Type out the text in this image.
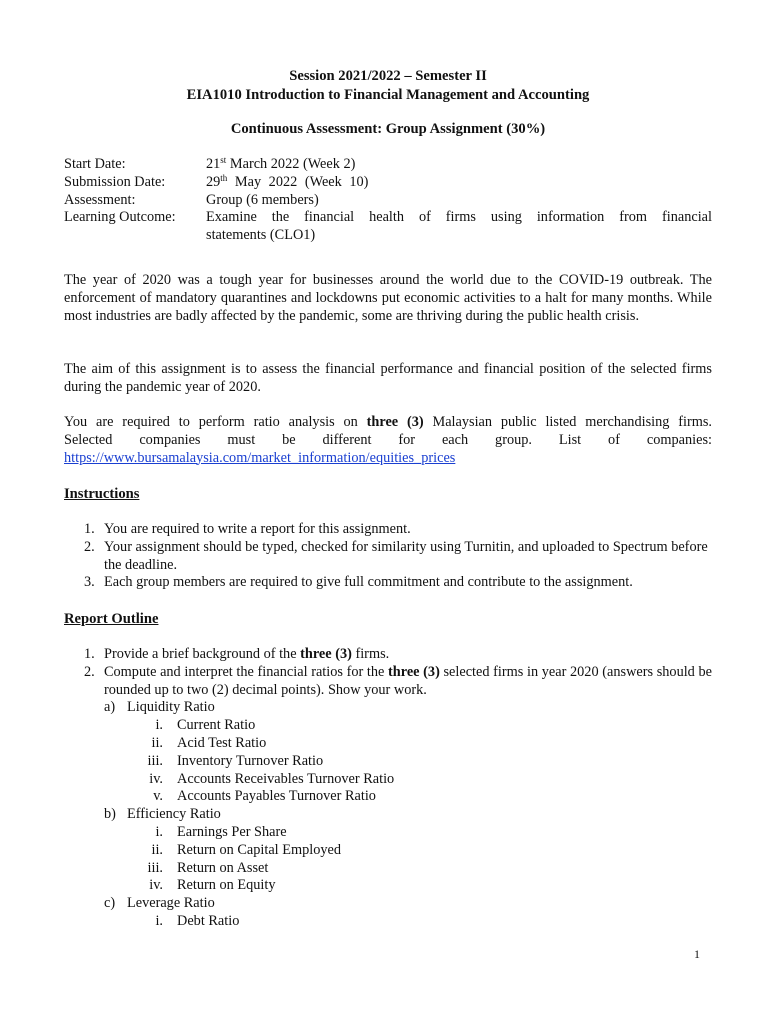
Session 2021/2022 – Semester II
EIA1010 Introduction to Financial Management and Accounting
Continuous Assessment: Group Assignment (30%)
Start Date:	21st March 2022 (Week 2)
Submission Date:	29th May 2022 (Week 10)
Assessment:	Group (6 members)
Learning Outcome:	Examine the financial health of firms using information from financial
statements (CLO1)

The year of 2020 was a tough year for businesses around the world due to the COVID-19 outbreak. The enforcement of mandatory quarantines and lockdowns put economic activities to a halt for many months. While most industries are badly affected by the pandemic, some are thriving during the public health crisis.

The aim of this assignment is to assess the financial performance and financial position of the selected firms during the pandemic year of 2020.

You are required to perform ratio analysis on three (3) Malaysian public listed merchandising firms.
Selected companies must be different for each group. List of companies:
https://www.bursamalaysia.com/market_information/equities_prices
Instructions
1. You are required to write a report for this assignment.
2. Your assignment should be typed, checked for similarity using Turnitin, and uploaded to Spectrum before the deadline.
3. Each group members are required to give full commitment and contribute to the assignment.
Report Outline
1. Provide a brief background of the three (3) firms.
2. Compute and interpret the financial ratios for the three (3) selected firms in year 2020 (answers should be rounded up to two (2) decimal points). Show your work.
a) Liquidity Ratio
i. Current Ratio
ii. Acid Test Ratio
iii. Inventory Turnover Ratio
iv. Accounts Receivables Turnover Ratio
v. Accounts Payables Turnover Ratio
b) Efficiency Ratio
i. Earnings Per Share
ii. Return on Capital Employed
iii. Return on Asset
iv. Return on Equity
c) Leverage Ratio
i. Debt Ratio
1
